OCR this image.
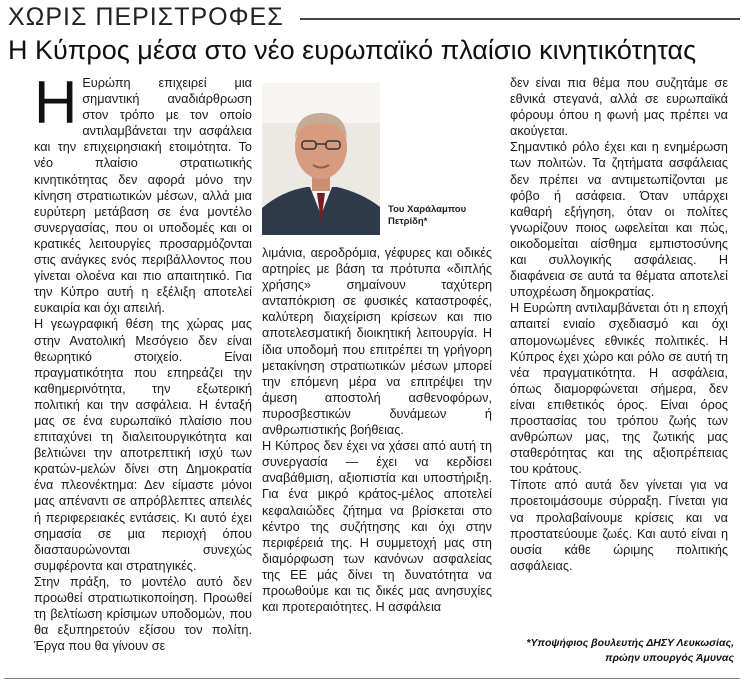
ΧΩΡΙΣ ΠΕΡΙΣΤΡΟΦΕΣ
Η Κύπρος μέσα στο νέο ευρωπαϊκό πλαίσιο κινητικότητας
Η Ευρώπη επιχειρεί μια σημαντική αναδιάρθρωση στον τρόπο με τον οποίο αντιλαμβάνεται την ασφάλεια και την επιχειρησιακή ετοιμότητα. Το νέο πλαίσιο στρατιωτικής κινητικότητας δεν αφορά μόνο την κίνηση στρατιωτικών μέσων, αλλά μια ευρύτερη μετάβαση σε ένα μοντέλο συνεργασίας, που οι υποδομές και οι κρατικές λειτουργίες προσαρμόζονται στις ανάγκες ενός περιβάλλοντος που γίνεται ολοένα και πιο απαιτητικό. Για την Κύπρο αυτή η εξέλιξη αποτελεί ευκαιρία και όχι απειλή.

Η γεωγραφική θέση της χώρας μας στην Ανατολική Μεσόγειο δεν είναι θεωρητικό στοιχείο. Είναι πραγματικότητα που επηρεάζει την καθημερινότητα, την εξωτερική πολιτική και την ασφάλεια. Η ένταξή μας σε ένα ευρωπαϊκό πλαίσιο που επιταχύνει τη διαλειτουργικότητα και βελτιώνει την αποτρεπτική ισχύ των κρατών-μελών δίνει στη Δημοκρατία ένα πλεονέκτημα: Δεν είμαστε μόνοι μας απέναντι σε απρόβλεπτες απειλές ή περιφερειακές εντάσεις. Κι αυτό έχει σημασία σε μια περιοχή όπου διασταυρώνονται συνεχώς συμφέροντα και στρατηγικές.

Στην πράξη, το μοντέλο αυτό δεν προωθεί στρατιωτικοποίηση. Προωθεί τη βελτίωση κρίσιμων υποδομών, που θα εξυπηρετούν εξίσου τον πολίτη. Έργα που θα γίνουν σε

Του Χαράλαμπου
Πετρίδη*

λιμάνια, αεροδρόμια, γέφυρες και οδικές αρτηρίες με βάση τα πρότυπα «διπλής χρήσης» σημαίνουν ταχύτερη ανταπόκριση σε φυσικές καταστροφές, καλύτερη διαχείριση κρίσεων και πιο αποτελεσματική διοικητική λειτουργία. Η ίδια υποδομή που επιτρέπει τη γρήγορη μετακίνηση στρατιωτικών μέσων μπορεί την επόμενη μέρα να επιτρέψει την άμεση αποστολή ασθενοφόρων, πυροσβεστικών δυνάμεων ή ανθρωπιστικής βοήθειας.

Η Κύπρος δεν έχει να χάσει από αυτή τη συνεργασία — έχει να κερδίσει αναβάθμιση, αξιοπιστία και υποστήριξη. Για ένα μικρό κράτος-μέλος αποτελεί κεφαλαιώδες ζήτημα να βρίσκεται στο κέντρο της συζήτησης και όχι στην περιφέρειά της. Η συμμετοχή μας στη διαμόρφωση των κανόνων ασφαλείας της ΕΕ μάς δίνει τη δυνατότητα να προωθούμε και τις δικές μας ανησυχίες και προτεραιότητες. Η ασφάλεια

δεν είναι πια θέμα που συζητάμε σε εθνικά στεγανά, αλλά σε ευρωπαϊκά φόρουμ όπου η φωνή μας πρέπει να ακούγεται.

Σημαντικό ρόλο έχει και η ενημέρωση των πολιτών. Τα ζητήματα ασφάλειας δεν πρέπει να αντιμετωπίζονται με φόβο ή ασάφεια. Όταν υπάρχει καθαρή εξήγηση, όταν οι πολίτες γνωρίζουν ποιος ωφελείται και πώς, οικοδομείται αίσθημα εμπιστοσύνης και συλλογικής ασφάλειας. Η διαφάνεια σε αυτά τα θέματα αποτελεί υποχρέωση δημοκρατίας.

Η Ευρώπη αντιλαμβάνεται ότι η εποχή απαιτεί ενιαίο σχεδιασμό και όχι απομονωμένες εθνικές πολιτικές. Η Κύπρος έχει χώρο και ρόλο σε αυτή τη νέα πραγματικότητα. Η ασφάλεια, όπως διαμορφώνεται σήμερα, δεν είναι επιθετικός όρος. Είναι όρος προστασίας του τρόπου ζωής των ανθρώπων μας, της ζωτικής μας σταθερότητας και της αξιοπρέπειας του κράτους.

Τίποτε από αυτά δεν γίνεται για να προετοιμάσουμε σύρραξη. Γίνεται για να προλαβαίνουμε κρίσεις και να προστατεύουμε ζωές. Και αυτό είναι η ουσία κάθε ώριμης πολιτικής ασφάλειας.

*Υποψήφιος βουλευτής ΔΗΣΥ Λευκωσίας,
πρώην υπουργός Άμυνας
